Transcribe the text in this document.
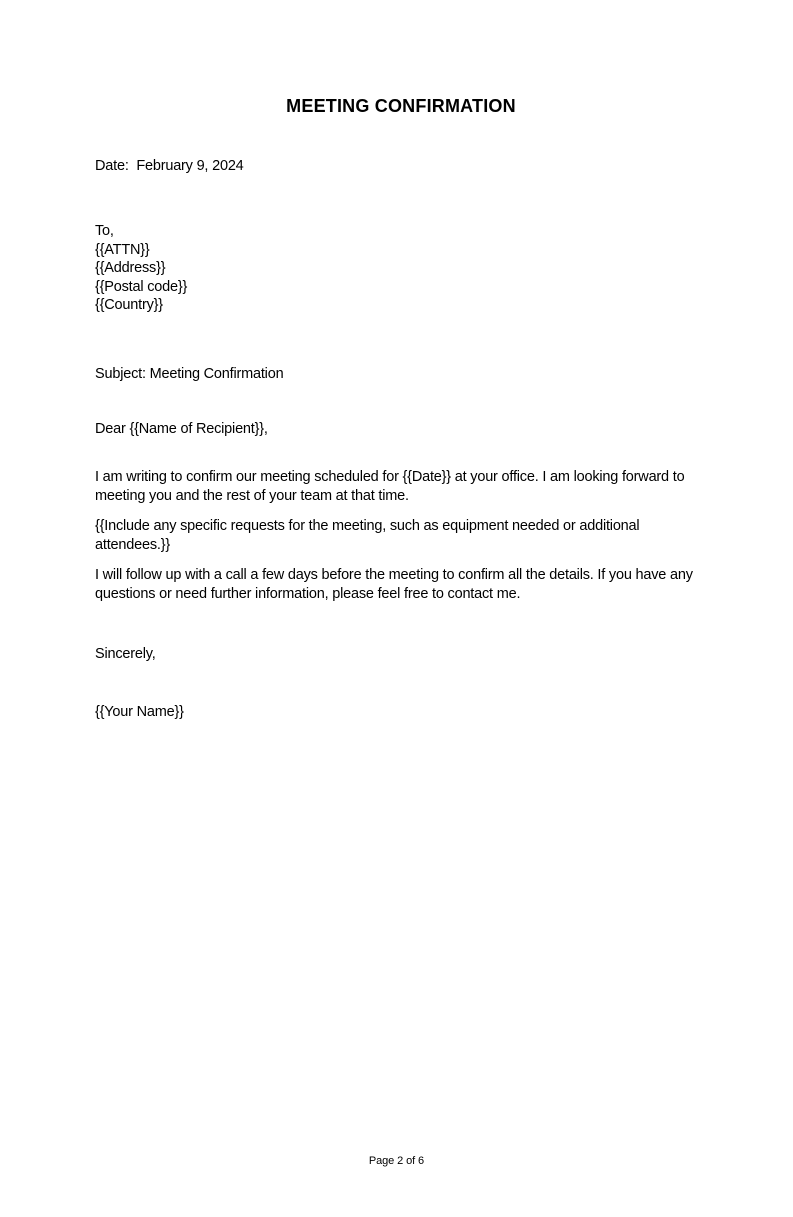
MEETING CONFIRMATION
Date:  February 9, 2024
To,
{{ATTN}}
{{Address}}
{{Postal code}}
{{Country}}
Subject: Meeting Confirmation
Dear {{Name of Recipient}},

I am writing to confirm our meeting scheduled for {{Date}} at your office. I am looking forward to meeting you and the rest of your team at that time.

{{Include any specific requests for the meeting, such as equipment needed or additional attendees.}}

I will follow up with a call a few days before the meeting to confirm all the details. If you have any questions or need further information, please feel free to contact me.

Sincerely,
{{Your Name}}
Page 2 of 6
